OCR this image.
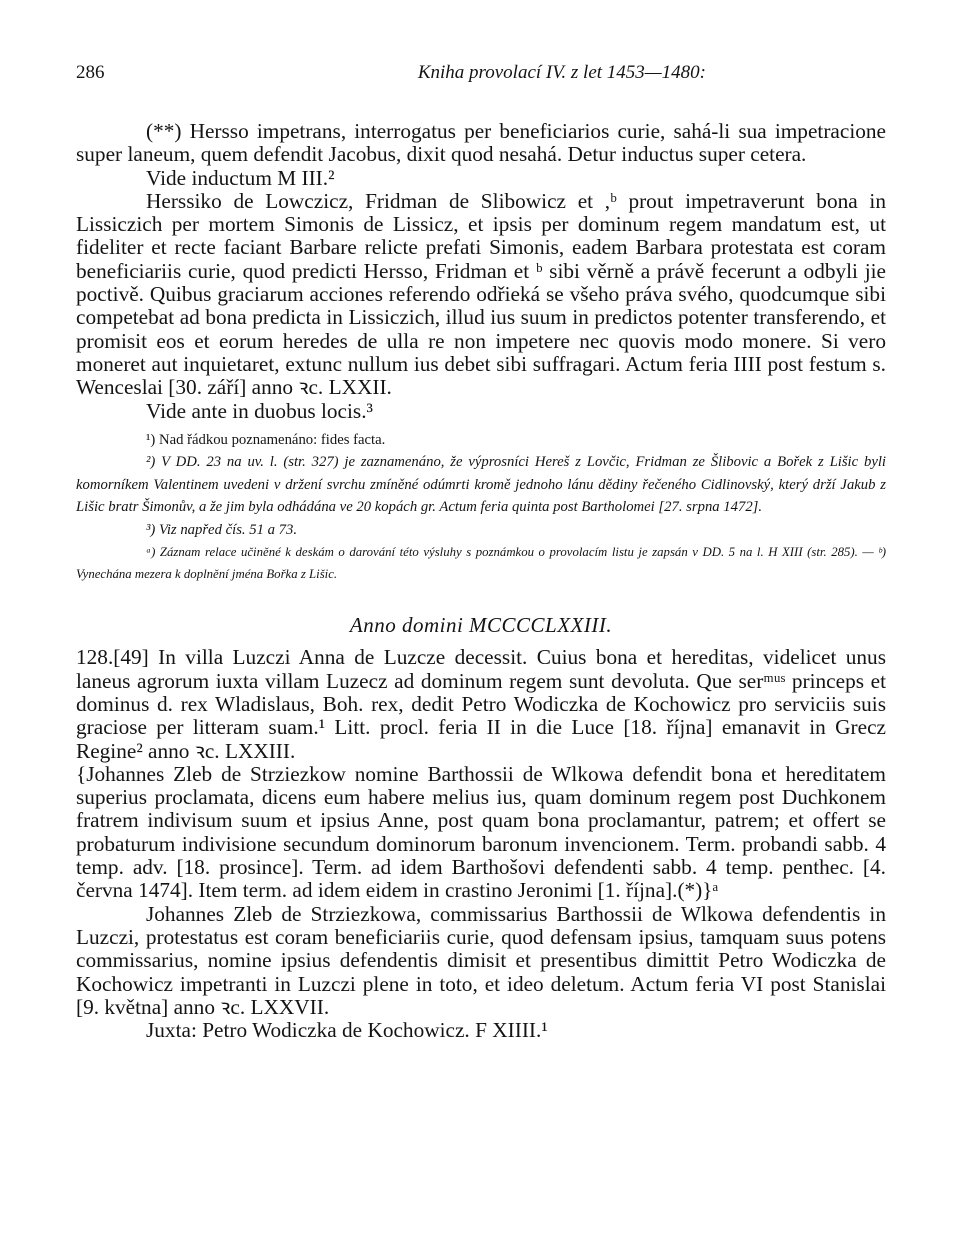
286	Kniha provolací IV. z let 1453—1480:

(**) Hersso impetrans, interrogatus per beneficiarios curie, sahá-li sua impetracione super laneum, quem defendit Jacobus, dixit quod nesahá. Detur inductus super cetera.

Vide inductum M III.²

Herssiko de Lowczicz, Fridman de Slibowicz et ,ᵇ prout impetraverunt bona in Lissiczich per mortem Simonis de Lissicz, et ipsis per dominum regem mandatum est, ut fideliter et recte faciant Barbare relicte prefati Simonis, eadem Barbara protestata est coram beneficiariis curie, quod predicti Hersso, Fridman et ᵇ sibi věrně a právě fecerunt a odbyli jie poctivě. Quibus graciarum acciones referendo odřieká se všeho práva svého, quodcumque sibi competebat ad bona predicta in Lissiczich, illud ius suum in predictos potenter transferendo, et promisit eos et eorum heredes de ulla re non impetere nec quovis modo monere. Si vero moneret aut inquietaret, extunc nullum ius debet sibi suffragari. Actum feria IIII post festum s. Wenceslai [30. září] anno ꝛc. LXXII.

Vide ante in duobus locis.³

¹) Nad řádkou poznamenáno: fides facta.

²) V DD. 23 na uv. l. (str. 327) je zaznamenáno, že výprosníci Hereš z Lovčic, Fridman ze Šlibovic a Bořek z Lišic byli komorníkem Valentinem uvedeni v držení svrchu zmíněné odúmrti kromě jednoho lánu dědiny řečeného Cidlinovský, který drží Jakub z Lišic bratr Šimonův, a že jim byla odhádána ve 20 kopách gr. Actum feria quinta post Bartholomei [27. srpna 1472].

³) Viz napřed čís. 51 a 73.

ᵃ) Záznam relace učiněné k deskám o darování této výsluhy s poznámkou o provolacím listu je zapsán v DD. 5 na l. H XIII (str. 285). — ᵇ) Vynechána mezera k doplnění jména Bořka z Lišic.

Anno domini MCCCCLXXIII.

128.[49] In villa Luzczi Anna de Luzcze decessit. Cuius bona et hereditas, videlicet unus laneus agrorum iuxta villam Luzecz ad dominum regem sunt devoluta. Que serᵐᵘˢ princeps et dominus d. rex Wladislaus, Boh. rex, dedit Petro Wodiczka de Kochowicz pro serviciis suis graciose per litteram suam.¹ Litt. procl. feria II in die Luce [18. října] emanavit in Grecz Regine² anno ꝛc. LXXIII.

{Johannes Zleb de Strziezkow nomine Barthossii de Wlkowa defendit bona et hereditatem superius proclamata, dicens eum habere melius ius, quam dominum regem post Duchkonem fratrem indivisum suum et ipsius Anne, post quam bona proclamantur, patrem; et offert se probaturum indivisione secundum dominorum baronum invencionem. Term. probandi sabb. 4 temp. adv. [18. prosince]. Term. ad idem Barthošovi defendenti sabb. 4 temp. penthec. [4. června 1474]. Item term. ad idem eidem in crastino Jeronimi [1. října].(*)}ᵃ

Johannes Zleb de Strziezkowa, commissarius Barthossii de Wlkowa defendentis in Luzczi, protestatus est coram beneficiariis curie, quod defensam ipsius, tamquam suus potens commissarius, nomine ipsius defendentis dimisit et presentibus dimittit Petro Wodiczka de Kochowicz impetranti in Luzczi plene in toto, et ideo deletum. Actum feria VI post Stanislai [9. května] anno ꝛc. LXXVII.

Juxta: Petro Wodiczka de Kochowicz. F XIIII.¹
